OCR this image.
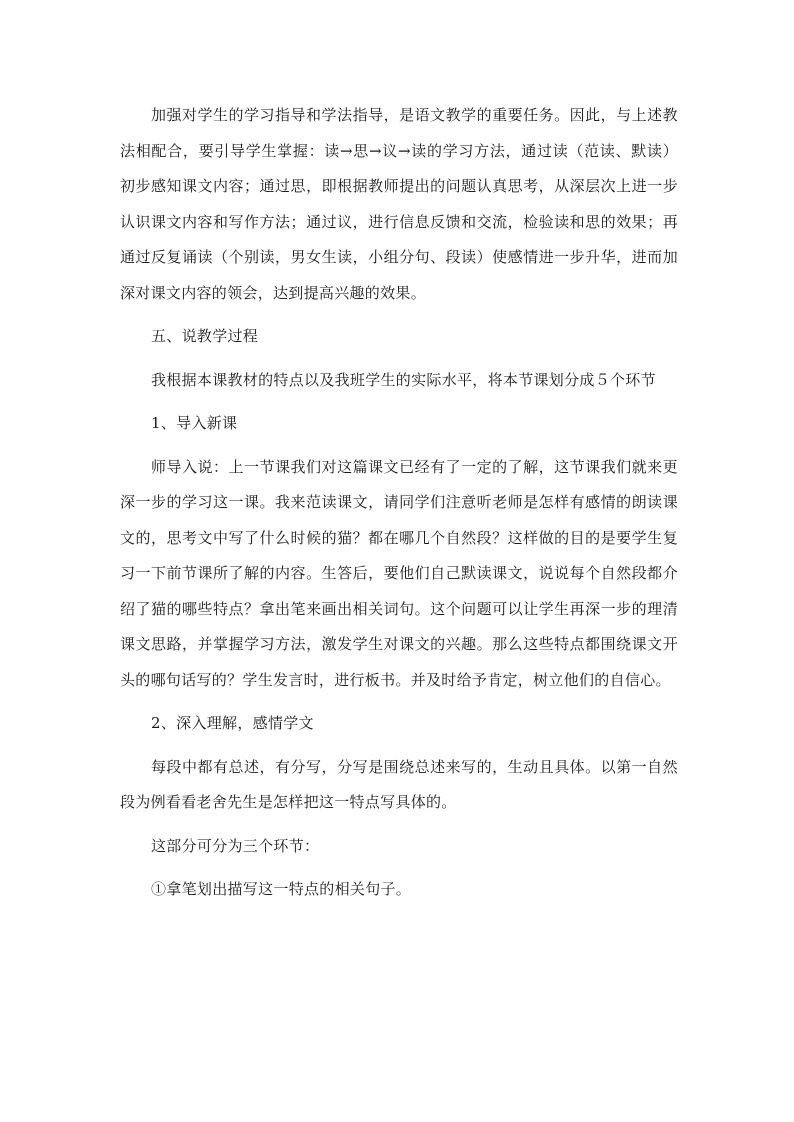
加强对学生的学习指导和学法指导，是语文教学的重要任务。因此，与上述教法相配合，要引导学生掌握：读→思→议→读的学习方法，通过读（范读、默读）初步感知课文内容；通过思，即根据教师提出的问题认真思考，从深层次上进一步认识课文内容和写作方法；通过议，进行信息反馈和交流，检验读和思的效果；再通过反复诵读（个别读，男女生读，小组分句、段读）使感情进一步升华，进而加深对课文内容的领会，达到提高兴趣的效果。

五、说教学过程

我根据本课教材的特点以及我班学生的实际水平，将本节课划分成５个环节

1、导入新课

师导入说：上一节课我们对这篇课文已经有了一定的了解，这节课我们就来更深一步的学习这一课。我来范读课文，请同学们注意听老师是怎样有感情的朗读课文的，思考文中写了什么时候的猫？都在哪几个自然段？这样做的目的是要学生复习一下前节课所了解的内容。生答后，要他们自己默读课文，说说每个自然段都介绍了猫的哪些特点？拿出笔来画出相关词句。这个问题可以让学生再深一步的理清课文思路，并掌握学习方法，激发学生对课文的兴趣。那么这些特点都围绕课文开头的哪句话写的？学生发言时，进行板书。并及时给予肯定，树立他们的自信心。

2、深入理解，感情学文

每段中都有总述，有分写，分写是围绕总述来写的，生动且具体。以第一自然段为例看看老舍先生是怎样把这一特点写具体的。

这部分可分为三个环节：

①拿笔划出描写这一特点的相关句子。
